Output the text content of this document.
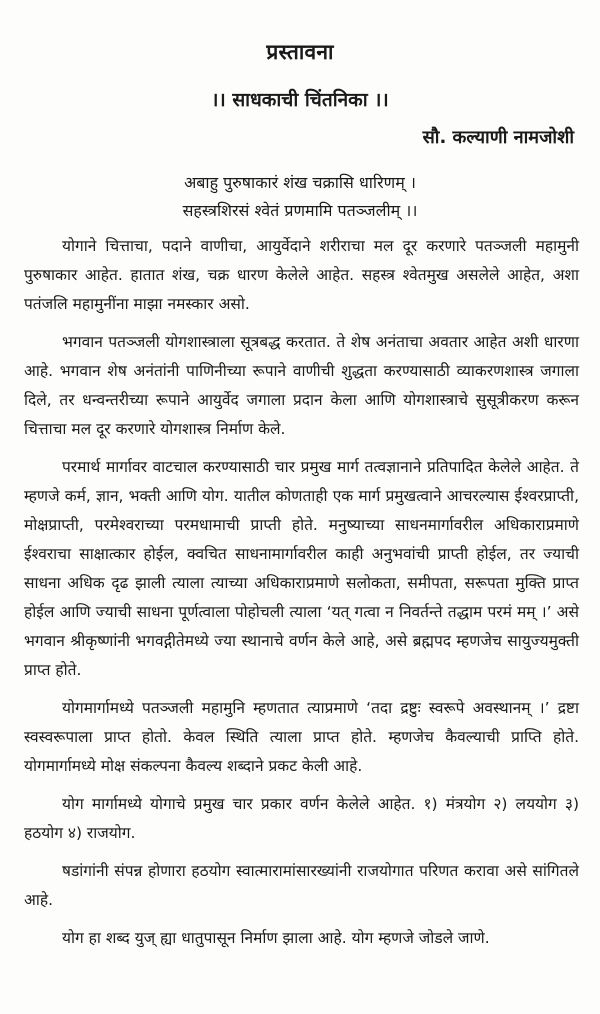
प्रस्तावना
।। साधकाची चिंतनिका ।।
सौ. कल्याणी नामजोशी
अबाहु पुरुषाकारं शंख चक्रासि धारिणम् ।
सहस्त्रशिरसं श्वेतं प्रणमामि पतञ्जलीम् ।।

योगाने चित्ताचा, पदाने वाणीचा, आयुर्वेदाने शरीराचा मल दूर करणारे पतञ्जली महामुनी पुरुषाकार आहेत. हातात शंख, चक्र धारण केलेले आहेत. सहस्त्र श्वेतमुख असलेले आहेत, अशा पतंजलि महामुनींना माझा नमस्कार असो.

भगवान पतञ्जली योगशास्त्राला सूत्रबद्ध करतात. ते शेष अनंताचा अवतार आहेत अशी धारणा आहे. भगवान शेष अनंतांनी पाणिनीच्या रूपाने वाणीची शुद्धता करण्यासाठी व्याकरणशास्त्र जगाला दिले, तर धन्वन्तरीच्या रूपाने आयुर्वेद जगाला प्रदान केला आणि योगशास्त्राचे सुसूत्रीकरण करून चित्ताचा मल दूर करणारे योगशास्त्र निर्माण केले.

परमार्थ मार्गावर वाटचाल करण्यासाठी चार प्रमुख मार्ग तत्वज्ञानाने प्रतिपादित केलेले आहेत. ते म्हणजे कर्म, ज्ञान, भक्ती आणि योग. यातील कोणताही एक मार्ग प्रमुखत्वाने आचरल्यास ईश्वरप्राप्ती, मोक्षप्राप्ती, परमेश्वराच्या परमधामाची प्राप्ती होते. मनुष्याच्या साधनमार्गावरील अधिकाराप्रमाणे ईश्वराचा साक्षात्कार होईल, क्वचित साधनामार्गावरील काही अनुभवांची प्राप्ती होईल, तर ज्याची साधना अधिक दृढ झाली त्याला त्याच्या अधिकाराप्रमाणे सलोकता, समीपता, सरूपता मुक्ति प्राप्त होईल आणि ज्याची साधना पूर्णत्वाला पोहोचली त्याला ‘यत् गत्वा न निवर्तन्ते तद्धाम परमं मम् ।’ असे भगवान श्रीकृष्णांनी भगवद्गीतेमध्ये ज्या स्थानाचे वर्णन केले आहे, असे ब्रह्मपद म्हणजेच सायुज्यमुक्ती प्राप्त होते.

योगमार्गामध्ये पतञ्जली महामुनि म्हणतात त्याप्रमाणे ‘तदा द्रष्टुः स्वरूपे अवस्थानम् ।’ द्रष्टा स्वस्वरूपाला प्राप्त होतो. केवल स्थिति त्याला प्राप्त होते. म्हणजेच कैवल्याची प्राप्ति होते. योगमार्गामध्ये मोक्ष संकल्पना कैवल्य शब्दाने प्रकट केली आहे.

योग मार्गामध्ये योगाचे प्रमुख चार प्रकार वर्णन केलेले आहेत. १) मंत्रयोग २) लययोग ३) हठयोग ४) राजयोग.

षडांगांनी संपन्न होणारा हठयोग स्वात्मारामांसारख्यांनी राजयोगात परिणत करावा असे सांगितले आहे.

योग हा शब्द युज् ह्या धातुपासून निर्माण झाला आहे. योग म्हणजे जोडले जाणे.
